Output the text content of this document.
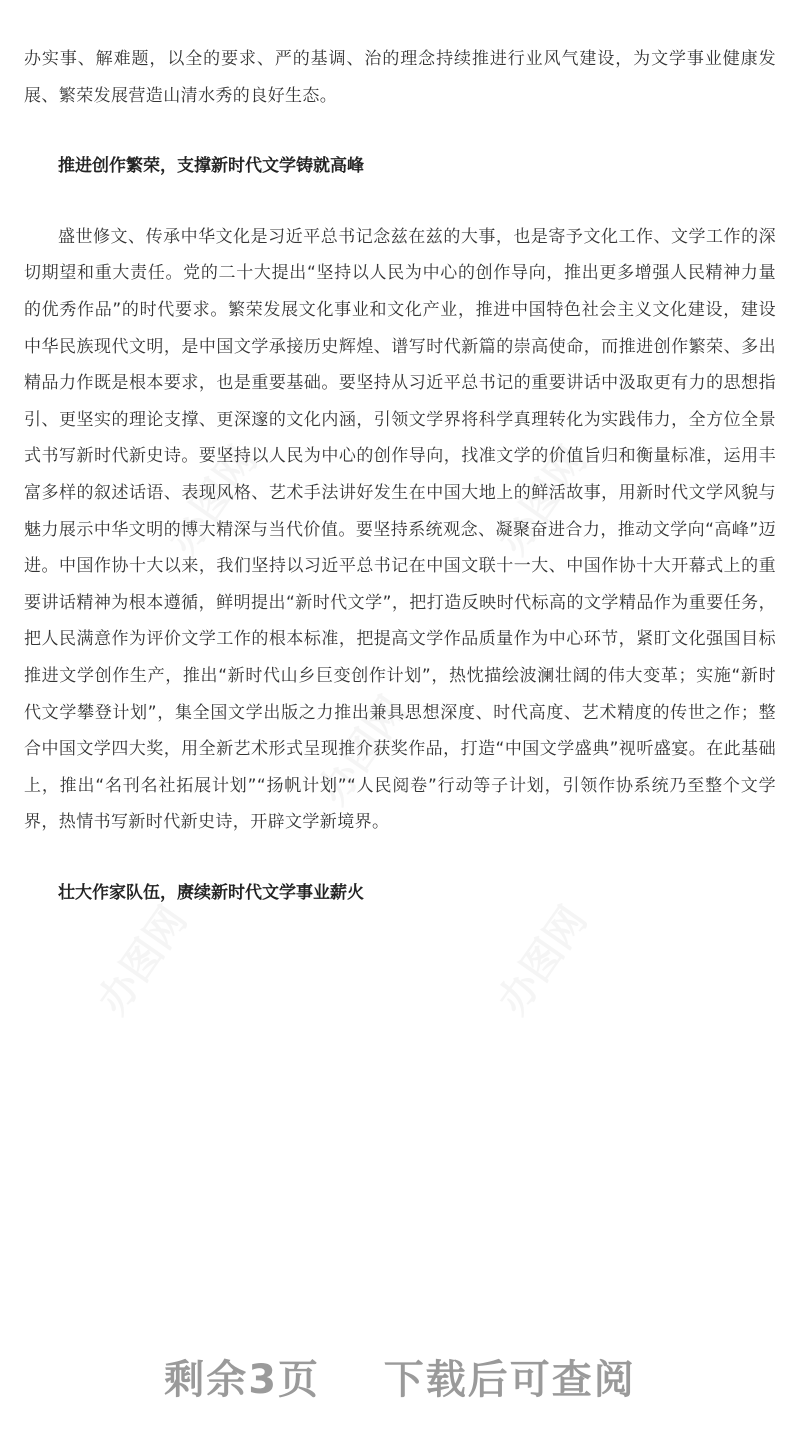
办图网	办图网
办图网
办图网	办图网

办实事、解难题，以全的要求、严的基调、治的理念持续推进行业风气建设，为文学事业健康发展、繁荣发展营造山清水秀的良好生态。

推进创作繁荣，支撑新时代文学铸就高峰

盛世修文、传承中华文化是习近平总书记念兹在兹的大事，也是寄予文化工作、文学工作的深切期望和重大责任。党的二十大提出“坚持以人民为中心的创作导向，推出更多增强人民精神力量的优秀作品”的时代要求。繁荣发展文化事业和文化产业，推进中国特色社会主义文化建设，建设中华民族现代文明，是中国文学承接历史辉煌、谱写时代新篇的崇高使命，而推进创作繁荣、多出精品力作既是根本要求，也是重要基础。要坚持从习近平总书记的重要讲话中汲取更有力的思想指引、更坚实的理论支撑、更深邃的文化内涵，引领文学界将科学真理转化为实践伟力，全方位全景式书写新时代新史诗。要坚持以人民为中心的创作导向，找准文学的价值旨归和衡量标准，运用丰富多样的叙述话语、表现风格、艺术手法讲好发生在中国大地上的鲜活故事，用新时代文学风貌与魅力展示中华文明的博大精深与当代价值。要坚持系统观念、凝聚奋进合力，推动文学向“高峰”迈进。中国作协十大以来，我们坚持以习近平总书记在中国文联十一大、中国作协十大开幕式上的重要讲话精神为根本遵循，鲜明提出“新时代文学”，把打造反映时代标高的文学精品作为重要任务，把人民满意作为评价文学工作的根本标准，把提高文学作品质量作为中心环节，紧盯文化强国目标推进文学创作生产，推出“新时代山乡巨变创作计划”，热忱描绘波澜壮阔的伟大变革；实施“新时代文学攀登计划”，集全国文学出版之力推出兼具思想深度、时代高度、艺术精度的传世之作；整合中国文学四大奖，用全新艺术形式呈现推介获奖作品，打造“中国文学盛典”视听盛宴。在此基础上，推出“名刊名社拓展计划”“扬帆计划”“人民阅卷”行动等子计划，引领作协系统乃至整个文学界，热情书写新时代新史诗，开辟文学新境界。

壮大作家队伍，赓续新时代文学事业薪火

剩余3页    下载后可查阅
